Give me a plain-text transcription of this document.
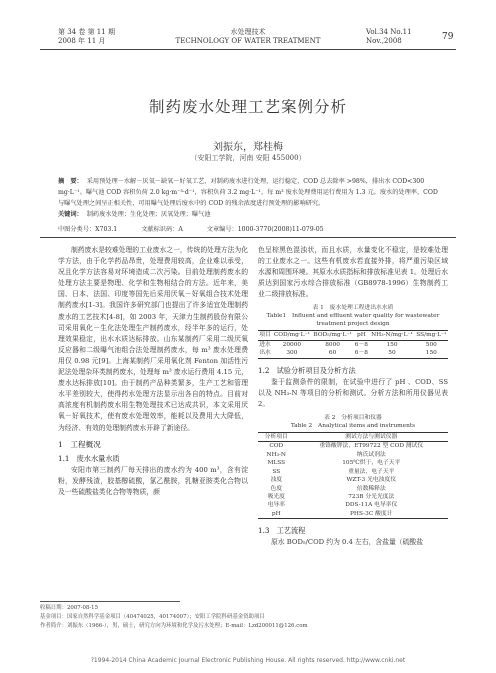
第 34 卷 第 11 期
2008 年 11 月
水处理技术
TECHNOLOGY OF WATER TREATMENT
Vol.34 No.11
Nov.,2008	79
制药废水处理工艺案例分析
刘振东，郑桂梅
（安阳工学院，河南 安阳 455000）
摘　要： 采用预处理－水解－厌氧－缺氧－好氧工艺，对制药废水进行处理，运行稳定，COD 总去除率 >98%，排出水 COD<300 mg·L⁻¹。曝气池 COD 容积负荷 2.0 kg·m⁻³·d⁻¹，容积负荷 3.2 mg·L⁻¹，每 m³ 废水处理费用运行费用为 1.3 元。废水的处理率，COD 与曝气处理之间呈正相关性，可用曝气处理后废水中的 COD 的残余浓度进行预处理的影响研究。
关键词： 制药废水处理；生化处理；厌氧处理；曝气池
中图分类号：X703.1	文献标识码：A	文章编号：1000-3770(2008)11-079-05

制药废水是较难处理的工业废水之一，传统的处理方法为化学方法，由于化学药品昂贵，处理费用较高，企业难以承受，况且化学方法容易对环境造成二次污染。目前处理制药废水的处理方法主要是物理、化学和生物相结合的方法。近年来，美国、日本、法国、印度等国先后采用厌氧－好氧组合技术处理制药废水[1-3]。我国许多研究部门也提出了许多适宜处理制药废水的工艺技术[4-8]，如 2003 年，天津力生制药股份有限公司采用氧化－生化法处理生产制药废水，经半年多的运行，处理效果稳定，出水水质达标排放。山东某制药厂采用二级厌氧反应器和二级曝气池组合法处理制药废水，每 m³ 废水处理费用仅 0.98 元[9]。上海某制药厂采用氧化剂 Fenton 加活性污泥法处理杂环类制药废水，处理每 m³ 废水运行费用 4.15 元，废水达标排放[10]。由于制药产品种类繁多，生产工艺和管理水平差别较大，使得药水处理方法显示出各自的特点。目前对高浓度有机制药废水用生物处理技术已达成共识，本文采用厌氧－好氧技术，使有废水处理效率，能耗以及费用大大降低，为经济、有效的处理制药废水开辟了新途径。

1　工程概况
1.1　废水水量水质

安阳市第三制药厂每天排出的废水约为 400 m³，含有淀粉，发酵残渣，胶基醇硫酸，氯乙酰胺，乳糖亚胺类化合物以及一些硫酸盐类化合物等物质，颜

色呈棕黑色混浊状，而且水质，水量变化不稳定，是较难处理的工业废水之一。这些有机废水若直接外排，将严重污染区域水源和周围环境。其原水水质指标和排放标准见表 1。处理后水质达到国家污水综合排放标准（GB8978-1996）生物制药工业二级排放标准。

表 1　废水处理工程进出水水质
Table1　Influent and effluent water quality for wastewater
treatment project design
项目	COD/mg·L⁻¹	BOD₅/mg·L⁻¹	pH	NH₃-N/mg·L⁻¹	SS/mg·L⁻¹
进水	20000	8000	6－8	150	500
出水	300	60	6－8	50	150
1.2　试验分析项目及分析方法

鉴于监测条件的限制，在试验中进行了 pH 、COD、SS 以及 NH₃-N 等项目的分析和测试。分析方法和所用仪器见表 2。

表 2　分析项目和仪器
Table 2　Analytical items and instruments
分析项目	测试方法与测试仪器
COD	重铬酸钾法，ET99722 型 COD 测试仪
NH₃-N	纳氏试剂法
MLSS	105℃烘干，电子天平
SS	重量法，电子天平
浊度	WZT-3 光电浊度仪
色度	倍数稀释法
吸光度	723B 分光光度法
电导率	DDS-11A 电导率仪
pH	PHS-3C 酸度计
1.3　工艺流程

原水 BOD₅/COD 约为 0.4 左右，含盐量（硫酸盐

收稿日期：2007-08-15
基金项目：国家自然科学基金项目（40474025，40174007）；安阳工学院科研基金资助项目
作者简介：刘振东（1966-），男，硕士，研究方向为环境和化学及污水处理；E-mail：Lzd200011@126.com
?1994-2014 China Academic Journal Electronic Publishing House. All rights reserved. http://www.cnki.net
